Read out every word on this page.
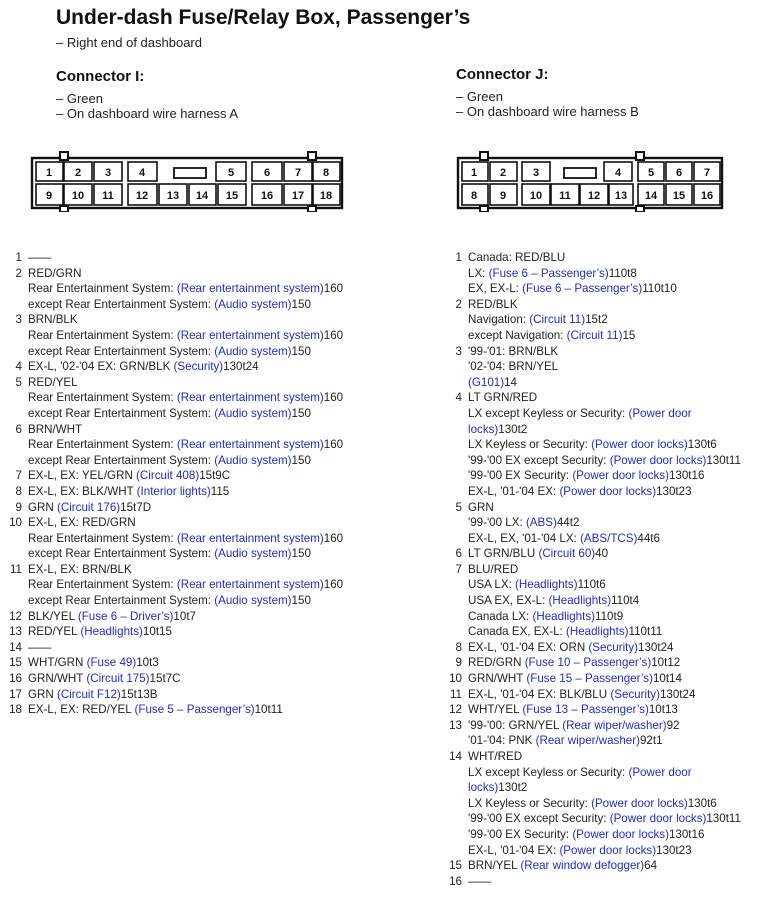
Under-dash Fuse/Relay Box, Passenger’s
– Right end of dashboard
Connector I:
– Green
– On dashboard wire harness A
Connector J:
– Green
– On dashboard wire harness B
1 2 3	4	5	6 7 8
9 10 11 12 13 14 15 16 17 18
1 2 3	4 5 6 7
8 9 10 11 12 13 14 15 16
1 ——
2 RED/GRN
Rear Entertainment System: (Rear entertainment system)160
except Rear Entertainment System: (Audio system)150
3 BRN/BLK
Rear Entertainment System: (Rear entertainment system)160
except Rear Entertainment System: (Audio system)150
4 EX-L, '02-'04 EX: GRN/BLK (Security)130t24
5 RED/YEL
Rear Entertainment System: (Rear entertainment system)160
except Rear Entertainment System: (Audio system)150
6 BRN/WHT
Rear Entertainment System: (Rear entertainment system)160
except Rear Entertainment System: (Audio system)150
7 EX-L, EX: YEL/GRN (Circuit 408)15t9C
8 EX-L, EX: BLK/WHT (Interior lights)115
9 GRN (Circuit 176)15t7D
10 EX-L, EX: RED/GRN
Rear Entertainment System: (Rear entertainment system)160
except Rear Entertainment System: (Audio system)150
11 EX-L, EX: BRN/BLK
Rear Entertainment System: (Rear entertainment system)160
except Rear Entertainment System: (Audio system)150
12 BLK/YEL (Fuse 6 – Driver’s)10t7
13 RED/YEL (Headlights)10t15
14 ——
15 WHT/GRN (Fuse 49)10t3
16 GRN/WHT (Circuit 175)15t7C
17 GRN (Circuit F12)15t13B
18 EX-L, EX: RED/YEL (Fuse 5 – Passenger’s)10t11
1 Canada: RED/BLU
LX: (Fuse 6 – Passenger’s)110t8
EX, EX-L: (Fuse 6 – Passenger’s)110t10
2 RED/BLK
Navigation: (Circuit 11)15t2
except Navigation: (Circuit 11)15
3 '99-'01: BRN/BLK
'02-'04: BRN/YEL
(G101)14
4 LT GRN/RED
LX except Keyless or Security: (Power door
locks)130t2
LX Keyless or Security: (Power door locks)130t6
'99-'00 EX except Security: (Power door locks)130t11
'99-'00 EX Security: (Power door locks)130t16
EX-L, '01-'04 EX: (Power door locks)130t23
5 GRN
'99-'00 LX: (ABS)44t2
EX-L, EX, '01-'04 LX: (ABS/TCS)44t6
6 LT GRN/BLU (Circuit 60)40
7 BLU/RED
USA LX: (Headlights)110t6
USA EX, EX-L: (Headlights)110t4
Canada LX: (Headlights)110t9
Canada EX, EX-L: (Headlights)110t11
8 EX-L, '01-'04 EX: ORN (Security)130t24
9 RED/GRN (Fuse 10 – Passenger’s)10t12
10 GRN/WHT (Fuse 15 – Passenger’s)10t14
11 EX-L, '01-'04 EX: BLK/BLU (Security)130t24
12 WHT/YEL (Fuse 13 – Passenger’s)10t13
13 '99-'00: GRN/YEL (Rear wiper/washer)92
'01-'04: PNK (Rear wiper/washer)92t1
14 WHT/RED
LX except Keyless or Security: (Power door
locks)130t2
LX Keyless or Security: (Power door locks)130t6
'99-'00 EX except Security: (Power door locks)130t11
'99-'00 EX Security: (Power door locks)130t16
EX-L, '01-'04 EX: (Power door locks)130t23
15 BRN/YEL (Rear window defogger)64
16 ——
